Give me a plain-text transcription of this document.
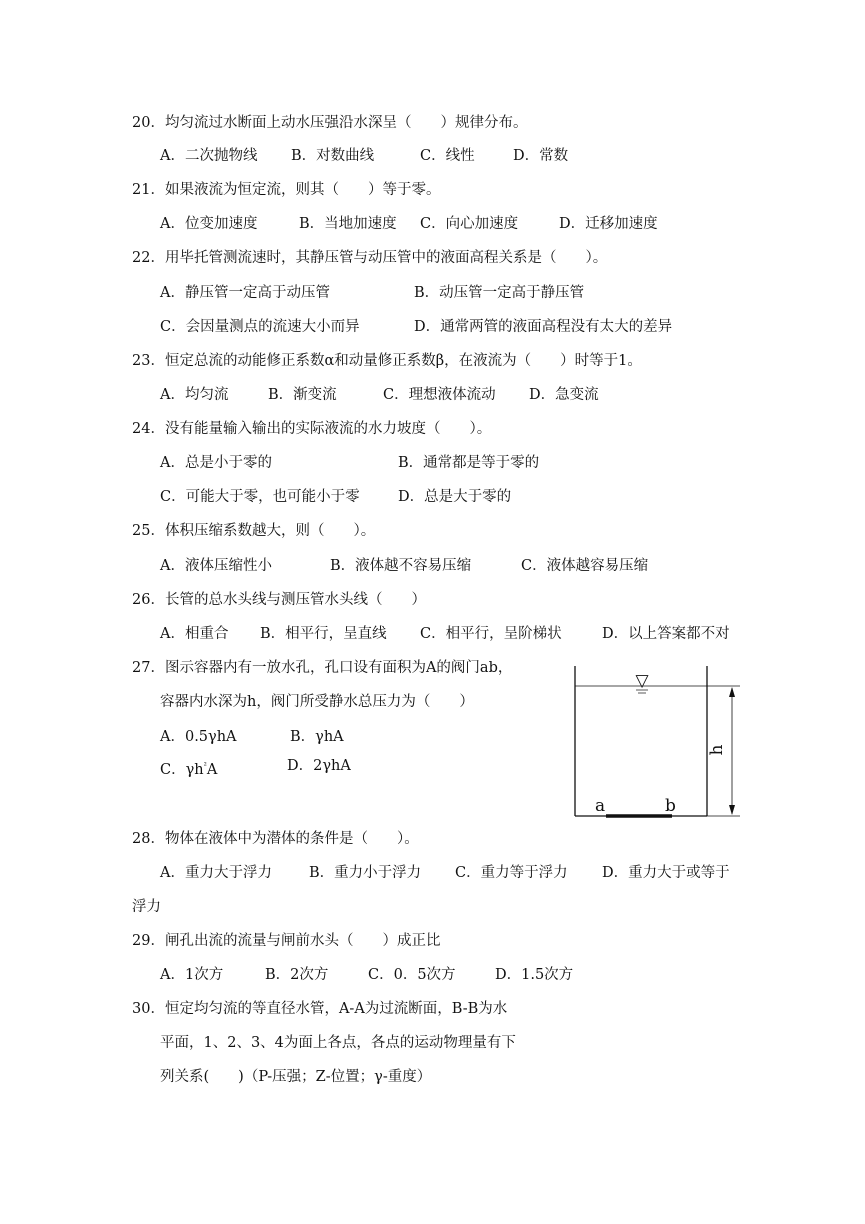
20．均匀流过水断面上动水压强沿水深呈（　　）规律分布。
A．二次抛物线 B．对数曲线	C．线性	D．常数
21．如果液流为恒定流，则其（　　）等于零。
A．位变加速度	B．当地加速度 C．向心加速度	D．迁移加速度
22．用毕托管测流速时，其静压管与动压管中的液面高程关系是（　　）。
A．静压管一定高于动压管	B．动压管一定高于静压管
C．会因量测点的流速大小而异	D．通常两管的液面高程没有太大的差异
23．恒定总流的动能修正系数α和动量修正系数β，在液流为（　　）时等于1。
A．均匀流	B．渐变流	C．理想液体流动 D．急变流
24．没有能量输入输出的实际液流的水力坡度（　　）。
A．总是小于零的	B．通常都是等于零的
C．可能大于零，也可能小于零	D．总是大于零的
25．体积压缩系数越大，则（　　）。
A．液体压缩性小	B．液体越不容易压缩	C．液体越容易压缩
26．长管的总水头线与测压管水头线（　　）
A．相重合 B．相平行，呈直线 C．相平行，呈阶梯状	D．以上答案都不对
27．图示容器内有一放水孔，孔口设有面积为A的阀门ab，
容器内水深为h，阀门所受静水总压力为（　　）
A．0.5γhA	B．γhA
C．$\gamma h^{^2}A$	D．2γhA
▽
a	b
h
28．物体在液体中为潜体的条件是（　　）。
A．重力大于浮力	B．重力小于浮力 C．重力等于浮力 D．重力大于或等于
浮力
29．闸孔出流的流量与闸前水头（　　）成正比
A．1次方	B．2次方	C．0．5次方	D．1.5次方
30．恒定均匀流的等直径水管，A-A为过流断面，B-B为水
平面，1、2、3、4为面上各点，各点的运动物理量有下
列关系(　　)（P-压强；Z-位置；γ-重度）
